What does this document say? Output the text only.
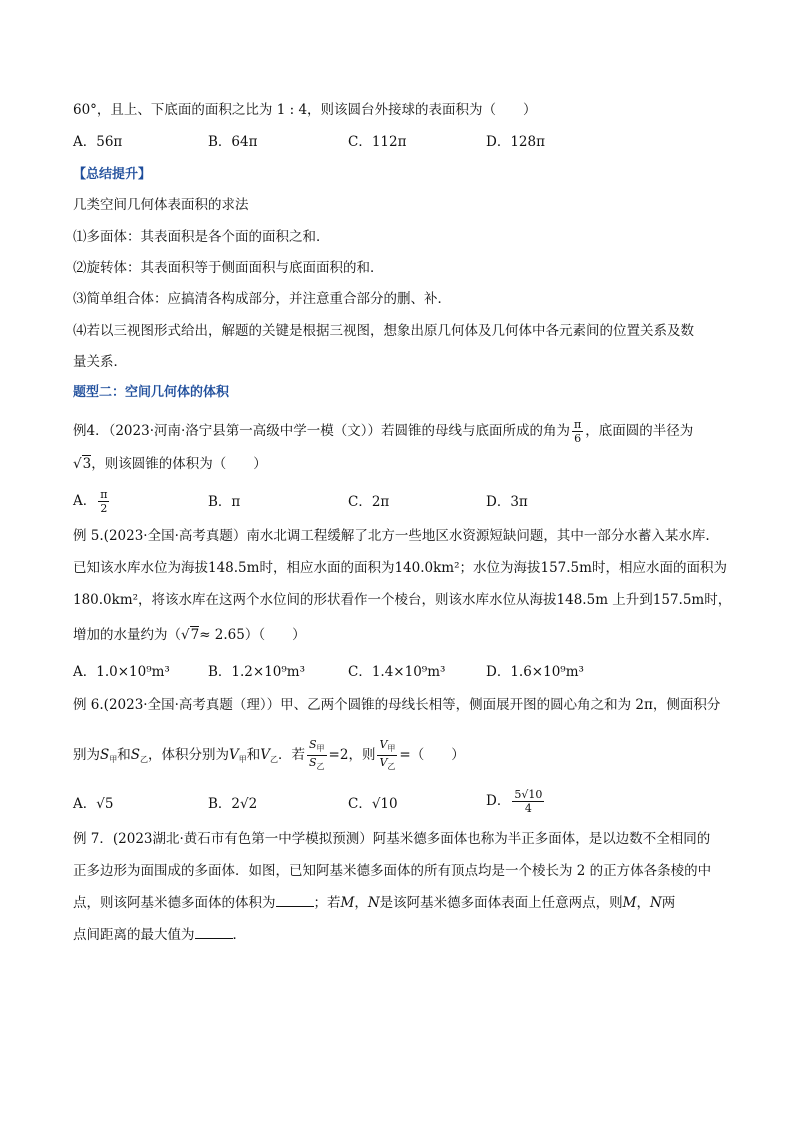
60°，且上、下底面的面积之比为 1 : 4，则该圆台外接球的表面积为（　　）
A．56π	B．64π	C．112π	D．128π
【总结提升】
几类空间几何体表面积的求法
⑴多面体：其表面积是各个面的面积之和．
⑵旋转体：其表面积等于侧面面积与底面面积的和．
⑶简单组合体：应搞清各构成部分，并注意重合部分的删、补．
⑷若以三视图形式给出，解题的关键是根据三视图，想象出原几何体及几何体中各元素间的位置关系及数
量关系．
题型二：空间几何体的体积
例4．（2023·河南·洛宁县第一高级中学一模（文））若圆锥的母线与底面所成的角为 $\frac{\pi}{6}$ ，底面圆的半径为
√3，则该圆锥的体积为（　　）
A． $\frac{\pi}{2}$	B．π	C．2π	D．3π
例 5.(2023·全国·高考真题）南水北调工程缓解了北方一些地区水资源短缺问题，其中一部分水蓄入某水库.
已知该水库水位为海拔148.5m时，相应水面的面积为140.0km²；水位为海拔157.5m时，相应水面的面积为
180.0km²，将该水库在这两个水位间的形状看作一个棱台，则该水库水位从海拔148.5m 上升到157.5m时，
增加的水量约为（√7≈ 2.65）（　　）
A．1.0×10⁹m³	B．1.2×10⁹m³	C．1.4×10⁹m³	D．1.6×10⁹m³
例 6.(2023·全国·高考真题（理））甲、乙两个圆锥的母线长相等，侧面展开图的圆心角之和为 2π，侧面积分
别为$S_甲$和$S_乙$，体积分别为$V_甲$和$V_乙$．若 $\frac{S_甲}{S_乙} =2$，则 $\frac{V_甲}{V_乙}$ =（　　）
A．√5	B．2√2	C．√10	D． $\frac{5√10}{4}$
例 7．(2023湖北·黄石市有色第一中学模拟预测）阿基米德多面体也称为半正多面体，是以边数不全相同的
正多边形为面围成的多面体．如图，已知阿基米德多面体的所有顶点均是一个棱长为 2 的正方体各条棱的中
点，则该阿基米德多面体的体积为	；若M，N是该阿基米德多面体表面上任意两点，则M，N两
点间距离的最大值为	．
